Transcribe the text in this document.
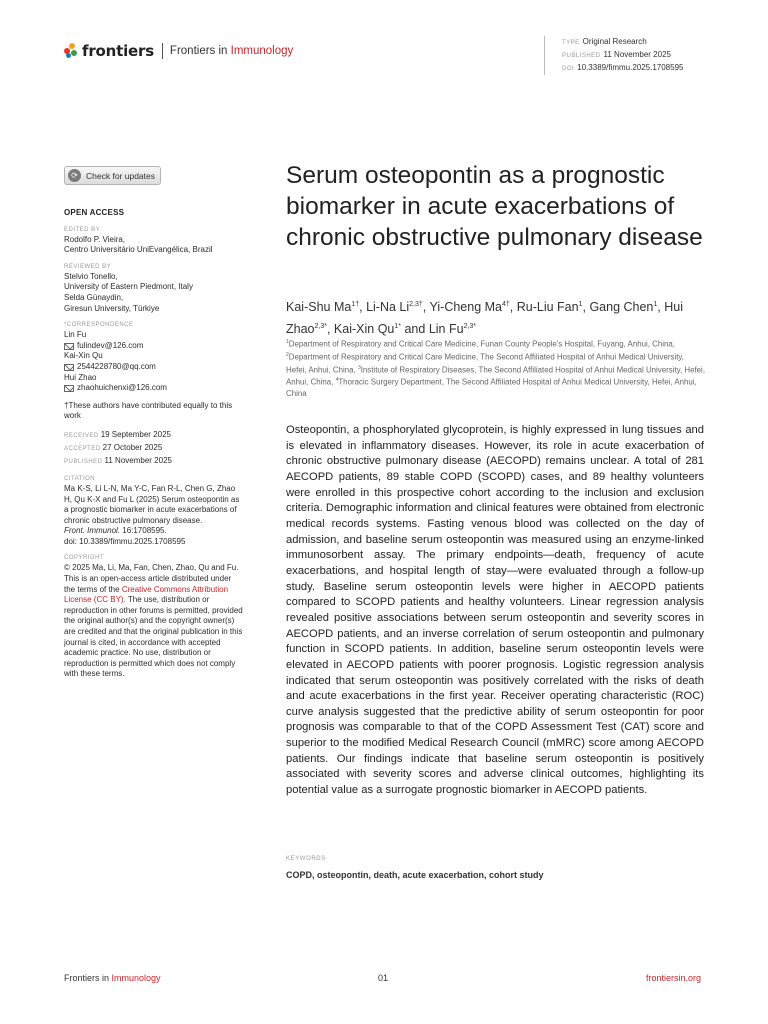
frontiers Frontiers in Immunology
TYPE Original Research
PUBLISHED 11 November 2025
DOI 10.3389/fimmu.2025.1708595
⟳ Check for updates
OPEN ACCESS
EDITED BY
Rodolfo P. Vieira,
Centro Universitário UniEvangélica, Brazil
REVIEWED BY
Stelvio Tonello,
University of Eastern Piedmont, Italy
Selda Günaydin,
Giresun University, Türkiye
*CORRESPONDENCE
Lin Fu
fulindev@126.com
Kai-Xin Qu
2544228780@qq.com
Hui Zhao
zhaohuichenxi@126.com
†These authors have contributed equally to this work
RECEIVED 19 September 2025
ACCEPTED 27 October 2025
PUBLISHED 11 November 2025
CITATION
Ma K-S, Li L-N, Ma Y-C, Fan R-L, Chen G, Zhao H, Qu K-X and Fu L (2025) Serum osteopontin as a prognostic biomarker in acute exacerbations of chronic obstructive pulmonary disease.
Front. Immunol. 16:1708595.
doi: 10.3389/fimmu.2025.1708595
COPYRIGHT
© 2025 Ma, Li, Ma, Fan, Chen, Zhao, Qu and Fu. This is an open-access article distributed under the terms of the Creative Commons Attribution License (CC BY). The use, distribution or reproduction in other forums is permitted, provided the original author(s) and the copyright owner(s) are credited and that the original publication in this journal is cited, in accordance with accepted academic practice. No use, distribution or reproduction is permitted which does not comply with these terms.
Serum osteopontin as a prognostic biomarker in acute exacerbations of chronic obstructive pulmonary disease
Kai-Shu $Ma^{1\dagger}$, Li-Na $Li^{2,3\dagger}$, Yi-Cheng $Ma^{4\dagger}$, Ru-Liu Fan$^1$, Gang Chen$^1$, Hui Zhao$^{2,3*}$, Kai-Xin $Qu^{1*}$ and Lin $Fu^{2,3*}$
$^1$Department of Respiratory and Critical Care Medicine, Funan County People's Hospital, Fuyang, Anhui, China, $^2$Department of Respiratory and Critical Care Medicine, The Second Affiliated Hospital of Anhui Medical University, Hefei, Anhui, China, $^3$Institute of Respiratory Diseases, The Second Affiliated Hospital of Anhui Medical University, Hefei, Anhui, China, $^4$Thoracic Surgery Department, The Second Affiliated Hospital of Anhui Medical University, Hefei, Anhui, China

Osteopontin, a phosphorylated glycoprotein, is highly expressed in lung tissues and is elevated in inflammatory diseases. However, its role in acute exacerbation of chronic obstructive pulmonary disease (AECOPD) remains unclear. A total of 281 AECOPD patients, 89 stable COPD (SCOPD) cases, and 89 healthy volunteers were enrolled in this prospective cohort according to the inclusion and exclusion criteria. Demographic information and clinical features were obtained from electronic medical records systems. Fasting venous blood was collected on the day of admission, and baseline serum osteopontin was measured using an enzyme-linked immunosorbent assay. The primary endpoints—death, frequency of acute exacerbations, and hospital length of stay—were evaluated through a follow-up study. Baseline serum osteopontin levels were higher in AECOPD patients compared to SCOPD patients and healthy volunteers. Linear regression analysis revealed positive associations between serum osteopontin and severity scores in AECOPD patients, and an inverse correlation of serum osteopontin and pulmonary function in SCOPD patients. In addition, baseline serum osteopontin levels were elevated in AECOPD patients with poorer prognosis. Logistic regression analysis indicated that serum osteopontin was positively correlated with the risks of death and acute exacerbations in the first year. Receiver operating characteristic (ROC) curve analysis suggested that the predictive ability of serum osteopontin for poor prognosis was comparable to that of the COPD Assessment Test (CAT) score and superior to the modified Medical Research Council (mMRC) score among AECOPD patients. Our findings indicate that baseline serum osteopontin is positively associated with severity scores and adverse clinical outcomes, highlighting its potential value as a surrogate prognostic biomarker in AECOPD patients.

KEYWORDS
COPD, osteopontin, death, acute exacerbation, cohort study
Frontiers in Immunology	01	frontiersin.org
